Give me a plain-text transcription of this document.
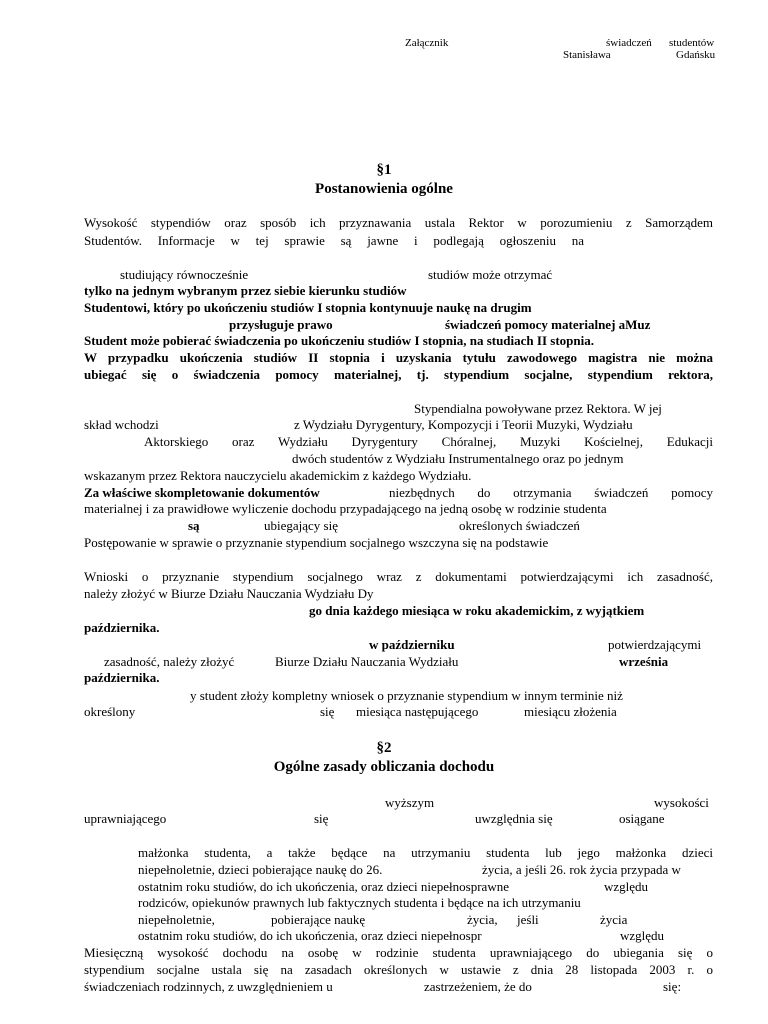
Załącznik	świadczeń studentów
Stanisława	Gdańsku
§1
Postanowienia ogólne
Wysokość stypendiów oraz sposób ich przyznawania ustala Rektor w porozumieniu z Samorządem
Studentów. Informacje w tej sprawie są jawne i podlegają ogłoszeniu na
studiujący równocześnie	studiów może otrzymać
tylko na jednym wybranym przez siebie kierunku studiów
Studentowi, który po ukończeniu studiów I stopnia kontynuuje naukę na drugim
przysługuje prawo	świadczeń pomocy materialnej aMuz
Student może pobierać świadczenia po ukończeniu studiów I stopnia, na studiach II stopnia.
W przypadku ukończenia studiów II stopnia i uzyskania tytułu zawodowego magistra nie można
ubiegać się o świadczenia pomocy materialnej, tj. stypendium socjalne, stypendium rektora,
Stypendialna powoływane przez Rektora. W jej
skład wchodzi	z Wydziału Dyrygentury, Kompozycji i Teorii Muzyki, Wydziału
Aktorskiego oraz Wydziału Dyrygentury Chóralnej, Muzyki Kościelnej, Edukacji
dwóch studentów z Wydziału Instrumentalnego oraz po jednym
wskazanym przez Rektora nauczycielu akademickim z każdego Wydziału.
Za właściwe skompletowanie dokumentów	niezbędnych do otrzymania świadczeń pomocy
materialnej i za prawidłowe wyliczenie dochodu przypadającego na jedną osobę w rodzinie studenta
są	ubiegający się	określonych świadczeń
Postępowanie w sprawie o przyznanie stypendium socjalnego wszczyna się na podstawie
Wnioski o przyznanie stypendium socjalnego wraz z dokumentami potwierdzającymi ich zasadność,
należy złożyć w Biurze Działu Nauczania Wydziału Dy
go dnia każdego miesiąca w roku akademickim, z wyjątkiem
października.
w październiku	potwierdzającymi
zasadność, należy złożyć	Biurze Działu Nauczania Wydziału	września
października.
y student złoży kompletny wniosek o przyznanie stypendium w innym terminie niż
określony	się miesiąca następującego	miesiącu złożenia
§2
Ogólne zasady obliczania dochodu
wyższym	wysokości
uprawniającego	się	uwzględnia się	osiągane
małżonka studenta, a także będące na utrzymaniu studenta lub jego małżonka dzieci
niepełnoletnie, dzieci pobierające naukę do 26.	życia, a jeśli 26. rok życia przypada w
ostatnim roku studiów, do ich ukończenia, oraz dzieci niepełnosprawne	względu
rodziców, opiekunów prawnych lub faktycznych studenta i będące na ich utrzymaniu
niepełnoletnie,	pobierające naukę	życia, jeśli	życia
ostatnim roku studiów, do ich ukończenia, oraz dzieci niepełnospr	względu
Miesięczną wysokość dochodu na osobę w rodzinie studenta uprawniającego do ubiegania się o
stypendium socjalne ustala się na zasadach określonych w ustawie z dnia 28 listopada 2003 r. o
świadczeniach rodzinnych, z uwzględnieniem u	zastrzeżeniem, że do	się:
